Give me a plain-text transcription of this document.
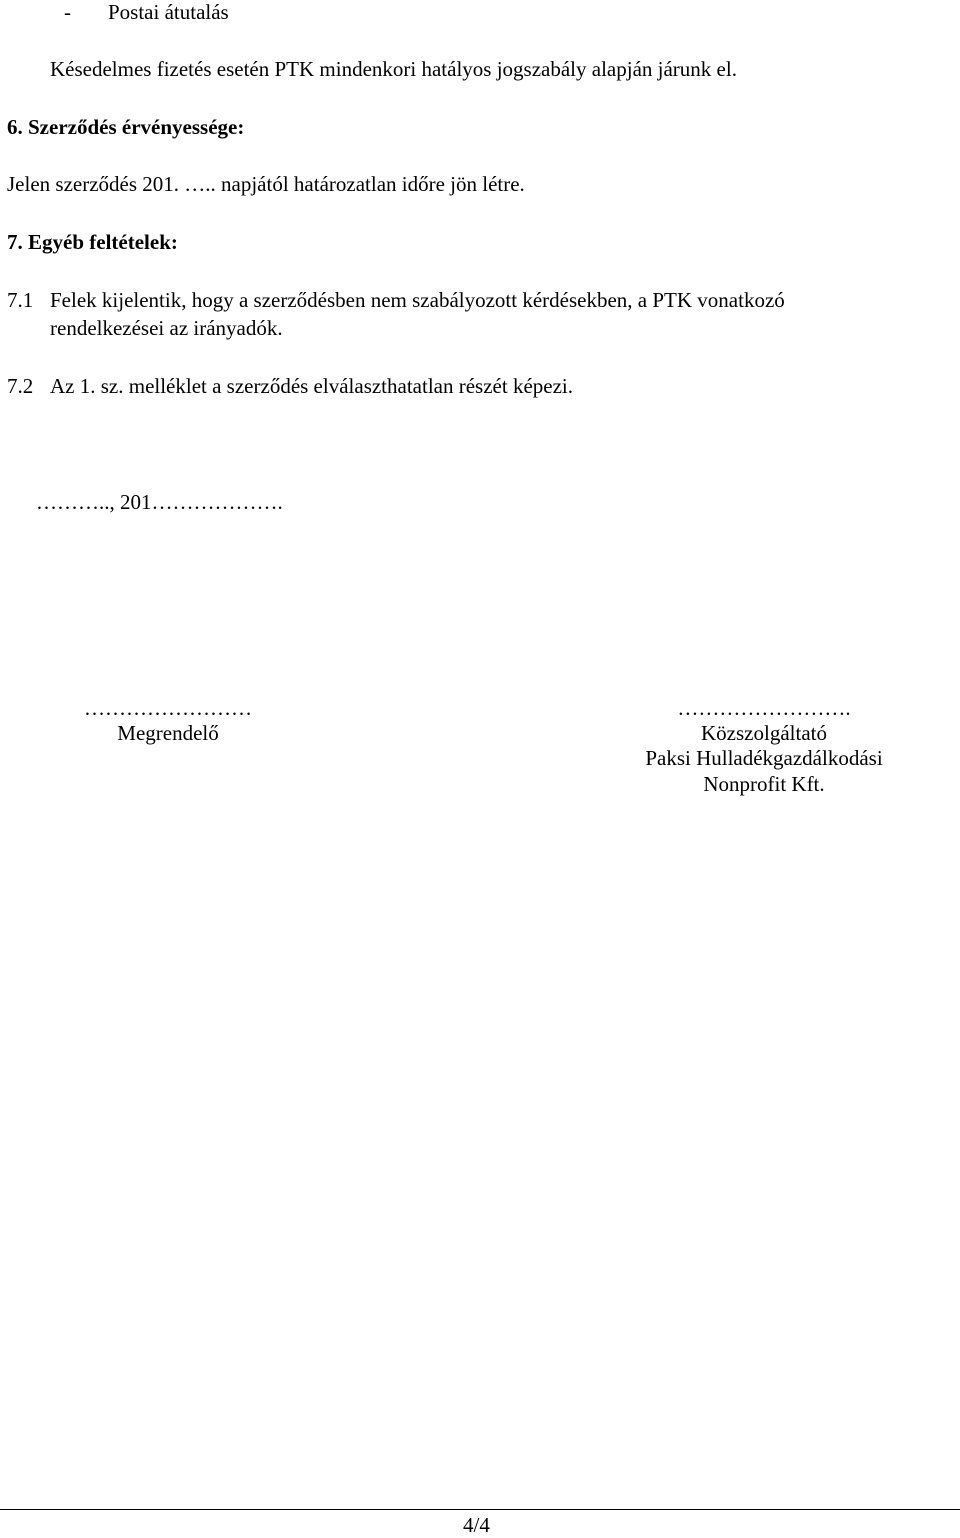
- Postai átutalás
Késedelmes fizetés esetén PTK mindenkori hatályos jogszabály alapján járunk el.
6. Szerződés érvényessége:
Jelen szerződés 201. ….. napjától határozatlan időre jön létre.
7. Egyéb feltételek:
7.1 Felek kijelentik, hogy a szerződésben nem szabályozott kérdésekben, a PTK vonatkozó
rendelkezései az irányadók.
7.2 Az 1. sz. melléklet a szerződés elválaszthatatlan részét képezi.
……….., 201……………….
……………………
Megrendelő
…………………….
Közszolgáltató
Paksi Hulladékgazdálkodási
Nonprofit Kft.
4/4
